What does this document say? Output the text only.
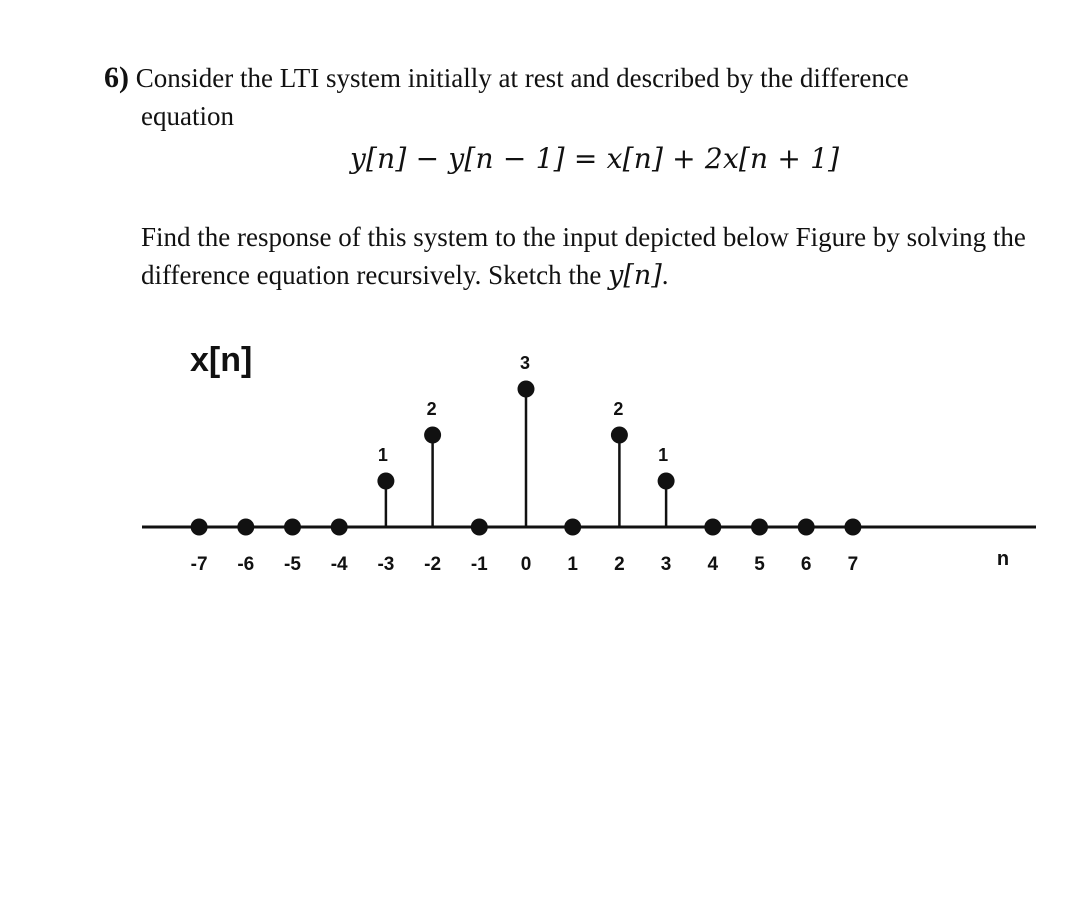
6) Consider the LTI system initially at rest and described by the difference
equation
y[n] − y[n − 1] = x[n] + 2x[n + 1]
Find the response of this system to the input depicted below Figure by solving the difference equation recursively. Sketch the y[n].
x[n]
n
-7 -6 -5 -4 -3
1
-2
2
-1 0
3
1 2
2
3
1
4 5 6 7
